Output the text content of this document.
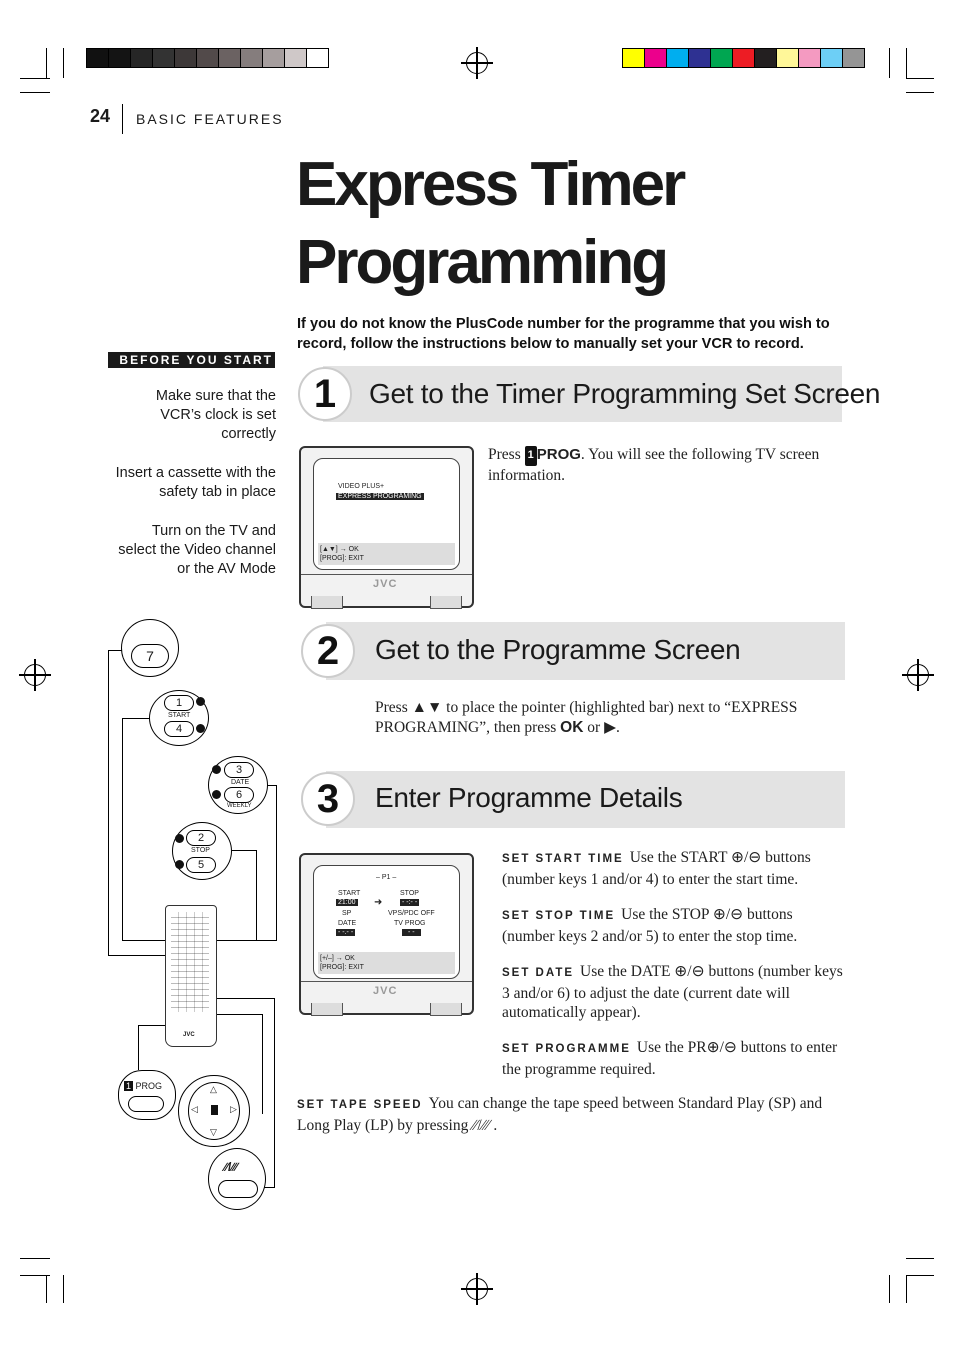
24 BASIC FEATURES
Express Timer
Programming
If you do not know the PlusCode number for the programme that you wish to record, follow the instructions below to manually set your VCR to record.
BEFORE YOU START
Make sure that the VCR’s clock is set correctly
Insert a cassette with the safety tab in place
Turn on the TV and select the Video channel or the AV Mode
1	Get to the Timer Programming Set Screen
VIDEO PLUS+
EXPRESS PROGRAMING
[▲▼] → OK
[PROG]: EXIT
JVC
Press 1 PROG. You will see the following TV screen information.
2	Get to the Programme Screen
Press ▲▼ to place the pointer (highlighted bar) next to “EXPRESS PROGRAMING”, then press OK or ▶.
3	Enter Programme Details
– P1 –
START	STOP
21:00 ➜	- -:- -
SP	VPS/PDC OFF
DATE	TV PROG
- -.- -	- -
[+/–] → OK
[PROG]: EXIT
JVC
SET START TIME Use the START ⊕/⊖ buttons (number keys 1 and/or 4) to enter the start time.
SET STOP TIME Use the STOP ⊕/⊖ buttons (number keys 2 and/or 5) to enter the stop time.
SET DATE Use the DATE ⊕/⊖ buttons (number keys 3 and/or 6) to adjust the date (current date will automatically appear).
SET PROGRAMME Use the PR⊕/⊖ buttons to enter the programme required.
SET TAPE SPEED You can change the tape speed between Standard Play (SP) and Long Play (LP) by pressing ∕∕/∕∕∕ .
7
1
START
4
3
DATE
6
WEEKLY
2
STOP
5
JVC
1 PROG	△
▽
◁	▷
∕∕/∕∕∕
